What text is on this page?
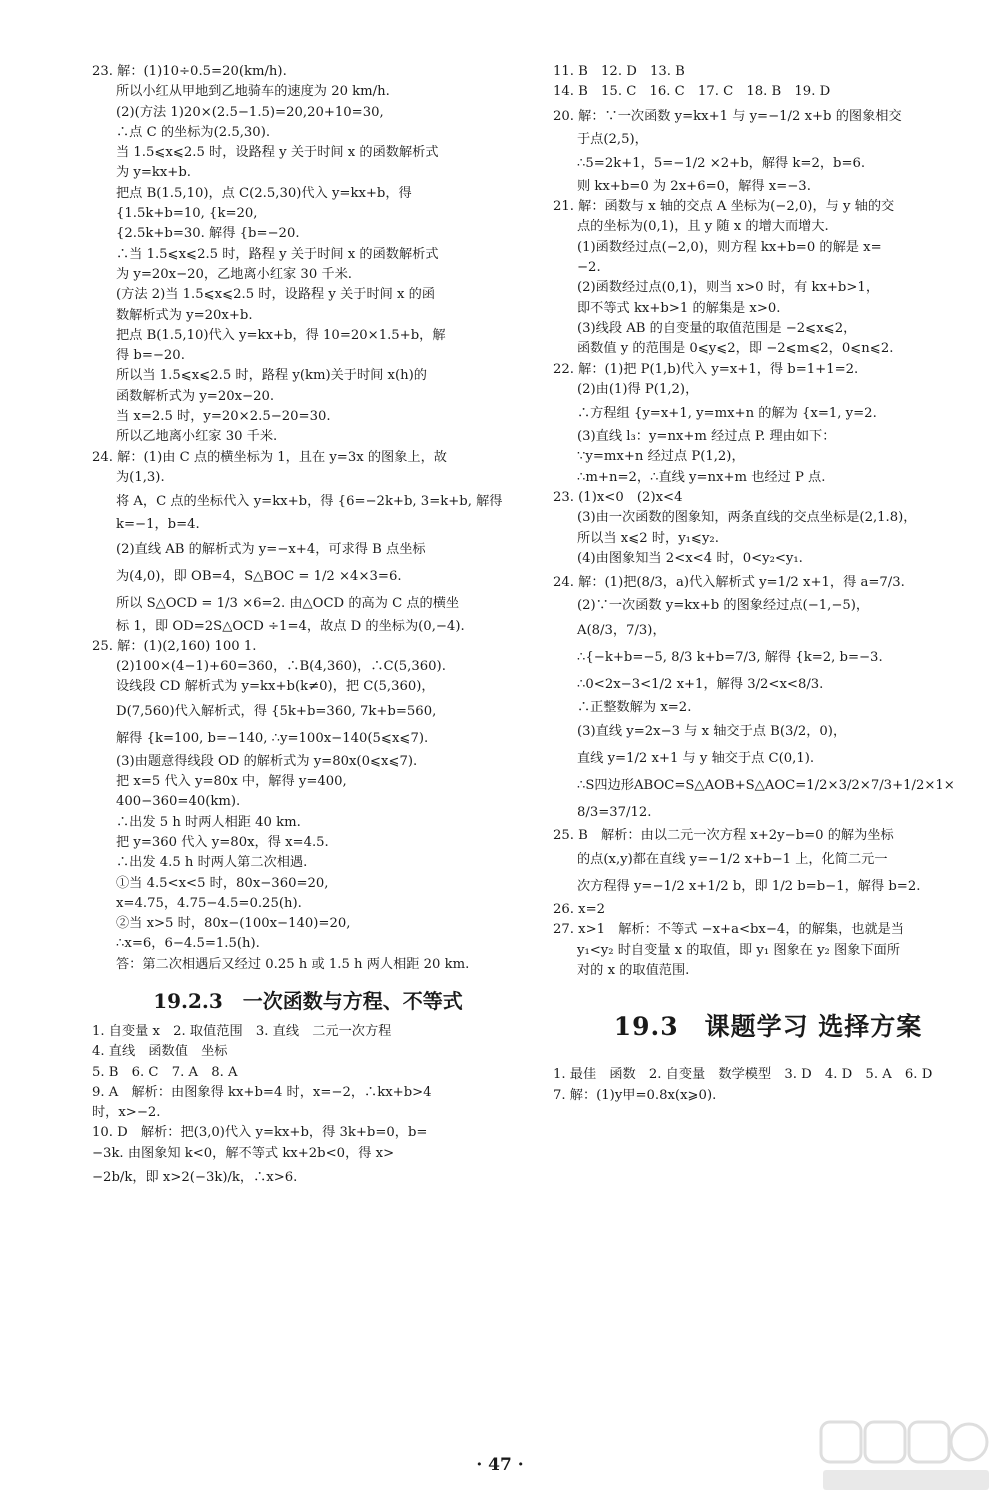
23. 解：(1)10÷0.5=20(km/h).
所以小红从甲地到乙地骑车的速度为 20 km/h.
(2)(方法 1)20×(2.5−1.5)=20,20+10=30,
∴点 C 的坐标为(2.5,30).
当 1.5⩽x⩽2.5 时，设路程 y 关于时间 x 的函数解析式
为 y=kx+b.
把点 B(1.5,10)，点 C(2.5,30)代入 y=kx+b，得
{1.5k+b=10, {k=20,
{2.5k+b=30. 解得 {b=−20.
∴当 1.5⩽x⩽2.5 时，路程 y 关于时间 x 的函数解析式
为 y=20x−20，乙地离小红家 30 千米.
(方法 2)当 1.5⩽x⩽2.5 时，设路程 y 关于时间 x 的函
数解析式为 y=20x+b.
把点 B(1.5,10)代入 y=kx+b，得 10=20×1.5+b，解
得 b=−20.
所以当 1.5⩽x⩽2.5 时，路程 y(km)关于时间 x(h)的
函数解析式为 y=20x−20.
当 x=2.5 时，y=20×2.5−20=30.
所以乙地离小红家 30 千米.
24. 解：(1)由 C 点的横坐标为 1，且在 y=3x 的图象上，故
为(1,3).
将 A，C 点的坐标代入 y=kx+b，得 {6=−2k+b, 3=k+b, 解得
k=−1，b=4.
(2)直线 AB 的解析式为 y=−x+4，可求得 B 点坐标
为(4,0)，即 OB=4，S△BOC = 1/2 ×4×3=6.
所以 S△OCD = 1/3 ×6=2. 由△OCD 的高为 C 点的横坐
标 1，即 OD=2S△OCD ÷1=4，故点 D 的坐标为(0,−4).
25. 解：(1)(2,160) 100 1.
(2)100×(4−1)+60=360，∴B(4,360)，∴C(5,360).
设线段 CD 解析式为 y=kx+b(k≠0)，把 C(5,360)，
D(7,560)代入解析式，得 {5k+b=360, 7k+b=560,
解得 {k=100, b=−140, ∴y=100x−140(5⩽x⩽7).
(3)由题意得线段 OD 的解析式为 y=80x(0⩽x⩽7).
把 x=5 代入 y=80x 中，解得 y=400,
400−360=40(km).
∴出发 5 h 时两人相距 40 km.
把 y=360 代入 y=80x，得 x=4.5.
∴出发 4.5 h 时两人第二次相遇.
①当 4.5<x<5 时，80x−360=20,
x=4.75，4.75−4.5=0.25(h).
②当 x>5 时，80x−(100x−140)=20,
∴x=6，6−4.5=1.5(h).
答：第二次相遇后又经过 0.25 h 或 1.5 h 两人相距 20 km.
19.2.3　一次函数与方程、不等式
1. 自变量 x　2. 取值范围　3. 直线　二元一次方程
4. 直线　函数值　坐标
5. B　6. C　7. A　8. A
9. A　解析：由图象得 kx+b=4 时，x=−2，∴kx+b>4
时，x>−2.
10. D　解析：把(3,0)代入 y=kx+b，得 3k+b=0，b=
−3k. 由图象知 k<0，解不等式 kx+2b<0，得 x>
−2b/k，即 x>2(−3k)/k，∴x>6.
11. B　12. D　13. B
14. B　15. C　16. C　17. C　18. B　19. D
20. 解：∵一次函数 y=kx+1 与 y=−1/2 x+b 的图象相交
于点(2,5)，
∴5=2k+1，5=−1/2 ×2+b，解得 k=2，b=6.
则 kx+b=0 为 2x+6=0，解得 x=−3.
21. 解：函数与 x 轴的交点 A 坐标为(−2,0)，与 y 轴的交
点的坐标为(0,1)，且 y 随 x 的增大而增大.
(1)函数经过点(−2,0)，则方程 kx+b=0 的解是 x=
−2.
(2)函数经过点(0,1)，则当 x>0 时，有 kx+b>1，
即不等式 kx+b>1 的解集是 x>0.
(3)线段 AB 的自变量的取值范围是 −2⩽x⩽2，
函数值 y 的范围是 0⩽y⩽2，即 −2⩽m⩽2，0⩽n⩽2.
22. 解：(1)把 P(1,b)代入 y=x+1，得 b=1+1=2.
(2)由(1)得 P(1,2)，
∴方程组 {y=x+1, y=mx+n 的解为 {x=1, y=2.
(3)直线 l₃：y=nx+m 经过点 P. 理由如下：
∵y=mx+n 经过点 P(1,2)，
∴m+n=2，∴直线 y=nx+m 也经过 P 点.
23. (1)x<0　(2)x<4
(3)由一次函数的图象知，两条直线的交点坐标是(2,1.8)，
所以当 x⩽2 时，y₁⩽y₂.
(4)由图象知当 2<x<4 时，0<y₂<y₁.
24. 解：(1)把(8/3，a)代入解析式 y=1/2 x+1，得 a=7/3.
(2)∵一次函数 y=kx+b 的图象经过点(−1,−5)，
A(8/3，7/3)，
∴{−k+b=−5, 8/3 k+b=7/3, 解得 {k=2, b=−3.
∴0<2x−3<1/2 x+1，解得 3/2<x<8/3.
∴正整数解为 x=2.
(3)直线 y=2x−3 与 x 轴交于点 B(3/2，0)，
直线 y=1/2 x+1 与 y 轴交于点 C(0,1).
∴S四边形ABOC=S△AOB+S△AOC=1/2×3/2×7/3+1/2×1×
8/3=37/12.
25. B　解析：由以二元一次方程 x+2y−b=0 的解为坐标
的点(x,y)都在直线 y=−1/2 x+b−1 上，化简二元一
次方程得 y=−1/2 x+1/2 b，即 1/2 b=b−1，解得 b=2.
26. x=2
27. x>1　解析：不等式 −x+a<bx−4，的解集，也就是当
y₁<y₂ 时自变量 x 的取值，即 y₁ 图象在 y₂ 图象下面所
对的 x 的取值范围.
19.3　课题学习 选择方案
1. 最佳　函数　2. 自变量　数学模型　3. D　4. D　5. A　6. D
7. 解：(1)y甲=0.8x(x⩾0).
· 47 ·
